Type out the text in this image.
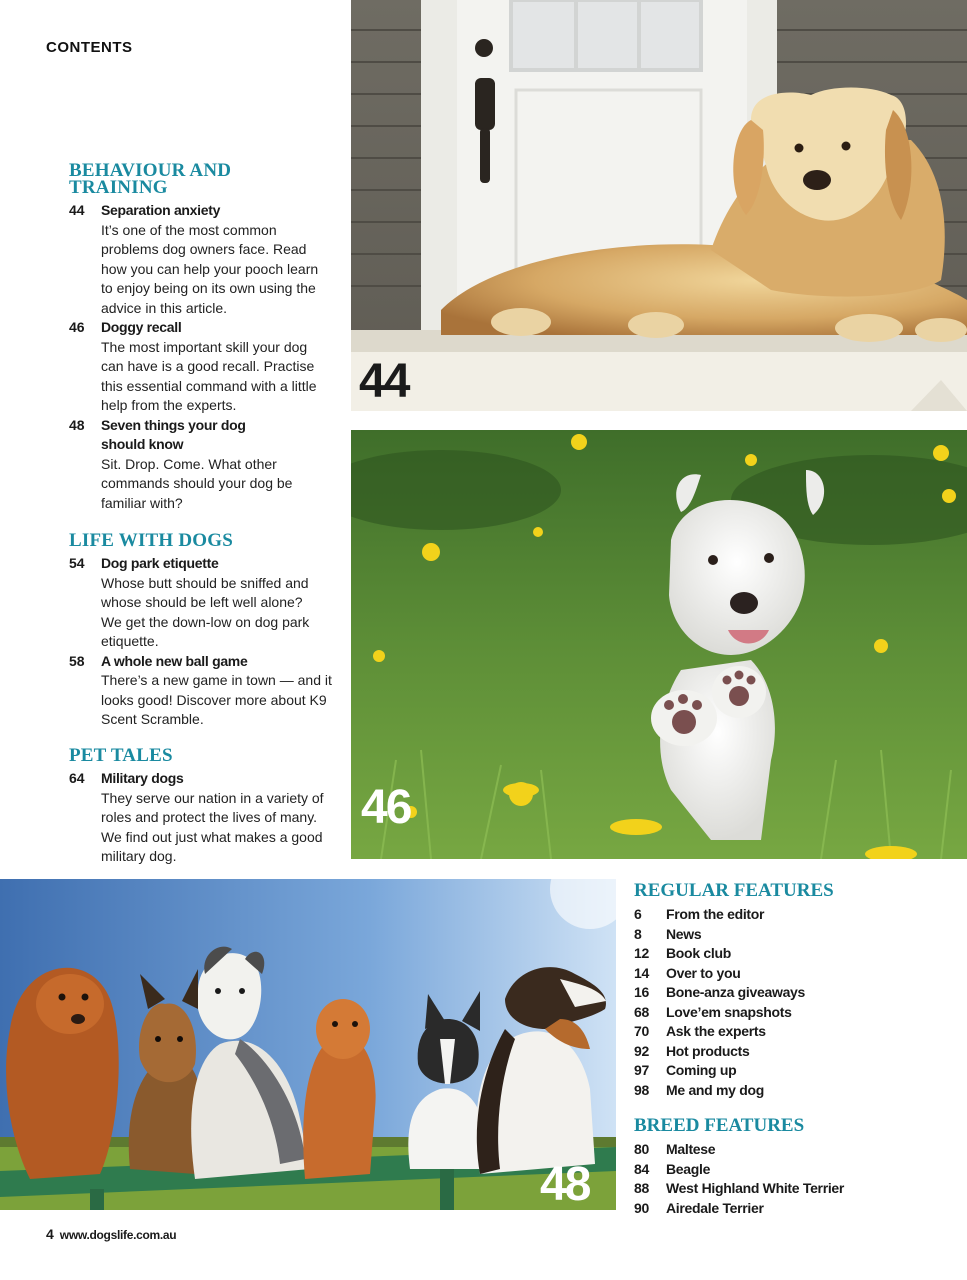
CONTENTS
BEHAVIOUR AND TRAINING
44 Separation anxiety
It’s one of the most common problems dog owners face. Read how you can help your pooch learn to enjoy being on its own using the advice in this article.
46 Doggy recall
The most important skill your dog can have is a good recall. Practise this essential command with a little help from the experts.
48 Seven things your dog should know
Sit. Drop. Come. What other commands should your dog be familiar with?
LIFE WITH DOGS
54 Dog park etiquette
Whose butt should be sniffed and whose should be left well alone? We get the down-low on dog park etiquette.
58 A whole new ball game
There’s a new game in town — and it looks good! Discover more about K9 Scent Scramble.
PET TALES
64 Military dogs
They serve our nation in a variety of roles and protect the lives of many. We find out just what makes a good military dog.
44
46
48
REGULAR FEATURES
6	From the editor
8	News
12	Book club
14	Over to you
16	Bone-anza giveaways
68	Love’em snapshots
70	Ask the experts
92	Hot products
97	Coming up
98	Me and my dog
BREED FEATURES
80	Maltese
84	Beagle
88	West Highland White Terrier
90	Airedale Terrier
4 www.dogslife.com.au
